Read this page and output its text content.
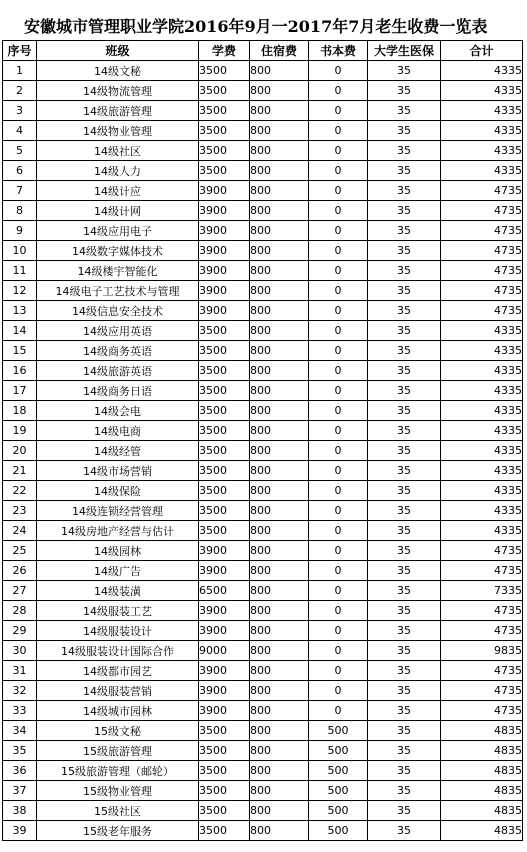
安徽城市管理职业学院2016年9月一2017年7月老生收费一览表
序号	班级	学费	住宿费	书本费	大学生医保	合计
1	14级文秘	3500	800	0	35	4335
2	14级物流管理	3500	800	0	35	4335
3	14级旅游管理	3500	800	0	35	4335
4	14级物业管理	3500	800	0	35	4335
5	14级社区	3500	800	0	35	4335
6	14级人力	3500	800	0	35	4335
7	14级计应	3900	800	0	35	4735
8	14级计网	3900	800	0	35	4735
9	14级应用电子	3900	800	0	35	4735
10	14级数字媒体技术	3900	800	0	35	4735
11	14级楼宇智能化	3900	800	0	35	4735
12	14级电子工艺技术与管理	3900	800	0	35	4735
13	14级信息安全技术	3900	800	0	35	4735
14	14级应用英语	3500	800	0	35	4335
15	14级商务英语	3500	800	0	35	4335
16	14级旅游英语	3500	800	0	35	4335
17	14级商务日语	3500	800	0	35	4335
18	14级会电	3500	800	0	35	4335
19	14级电商	3500	800	0	35	4335
20	14级经管	3500	800	0	35	4335
21	14级市场营销	3500	800	0	35	4335
22	14级保险	3500	800	0	35	4335
23	14级连锁经营管理	3500	800	0	35	4335
24	14级房地产经营与估计	3500	800	0	35	4335
25	14级园林	3900	800	0	35	4735
26	14级广告	3900	800	0	35	4735
27	14级装潢	6500	800	0	35	7335
28	14级服装工艺	3900	800	0	35	4735
29	14级服装设计	3900	800	0	35	4735
30	14级服装设计国际合作	9000	800	0	35	9835
31	14级都市园艺	3900	800	0	35	4735
32	14级服装营销	3900	800	0	35	4735
33	14级城市园林	3900	800	0	35	4735
34	15级文秘	3500	800	500	35	4835
35	15级旅游管理	3500	800	500	35	4835
36	15级旅游管理（邮轮）	3500	800	500	35	4835
37	15级物业管理	3500	800	500	35	4835
38	15级社区	3500	800	500	35	4835
39	15级老年服务	3500	800	500	35	4835
